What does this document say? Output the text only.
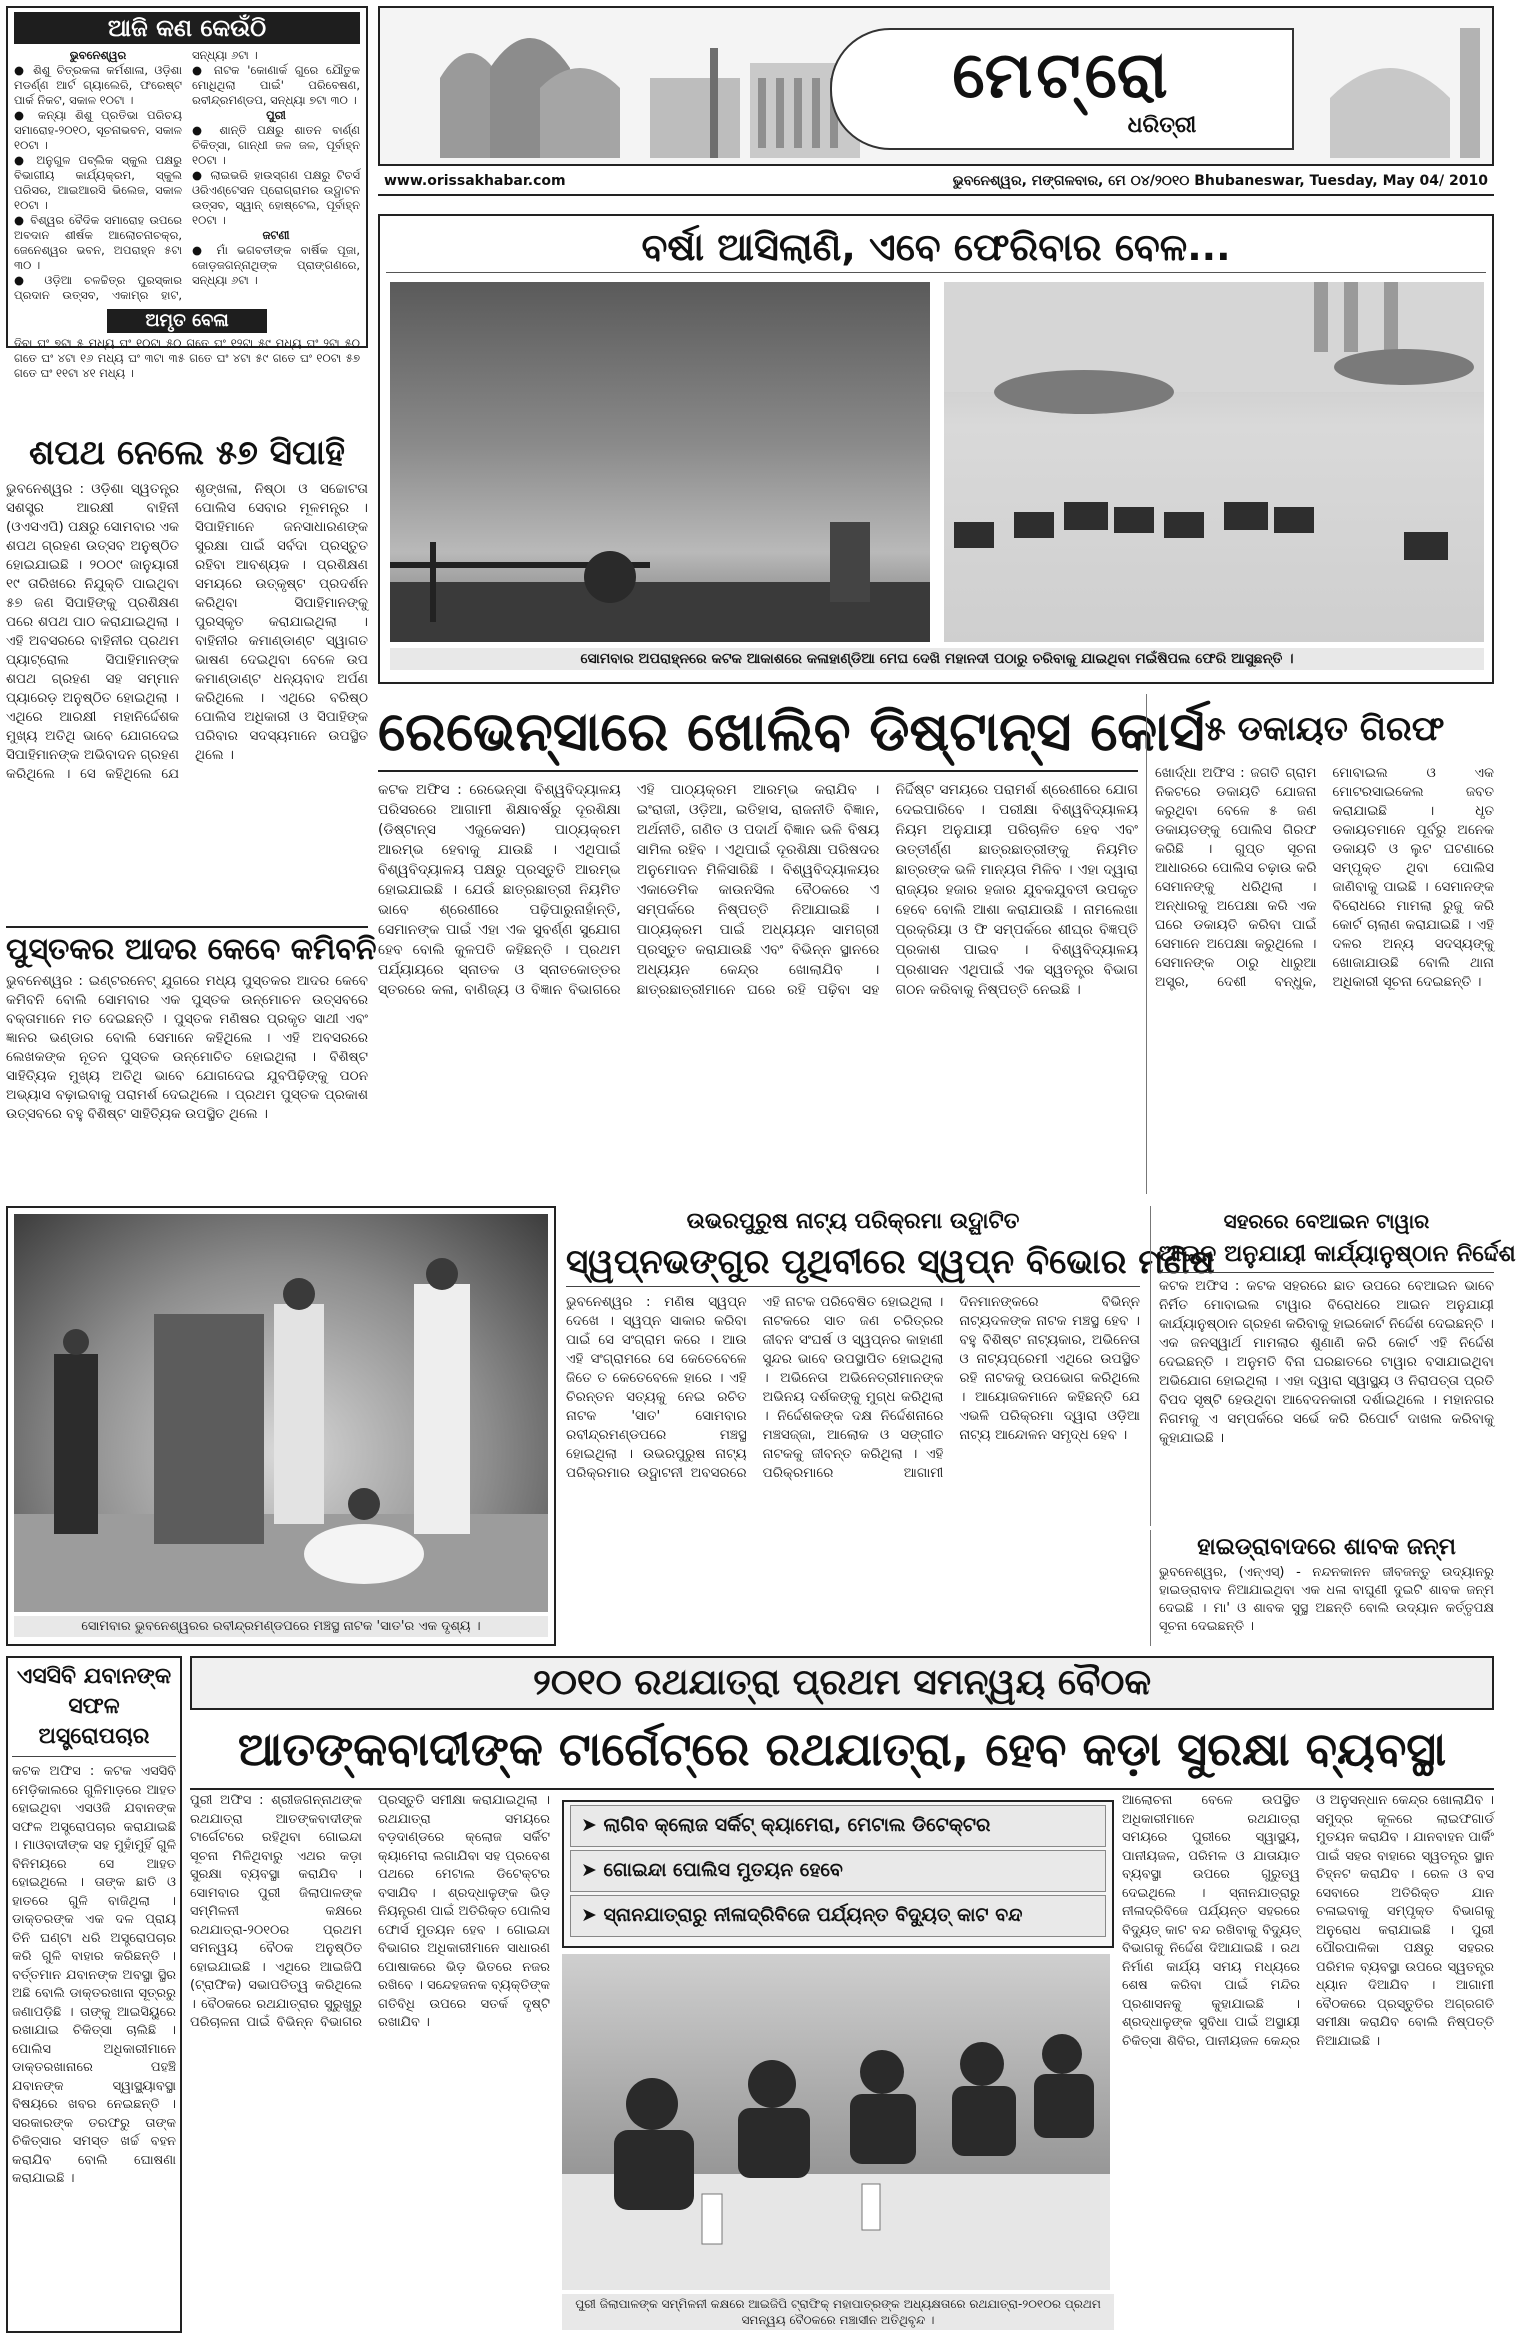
ଆଜି କଣ କେଉଁଠି
ଭୁବନେଶ୍ୱର
● ଶିଶୁ ଚିତ୍ରକଳା କର୍ମଶାଳା, ଓଡ଼ିଶା ମଡର୍ଣ୍ଣ ଆର୍ଟ ଗ୍ୟାଲେରି, ଫରେଷ୍ଟ ପାର୍କ ନିକଟ, ସକାଳ ୧୦ଟା ।
● କନ୍ୟା ଶିଶୁ ପ୍ରତିଭା ପରିଚୟ ସମାରୋହ-୨୦୧୦, ସୂଚନାଭବନ, ସକାଳ ୧୦ଟା ।
● ଅନୁଗୁଳ ପବ୍ଲିକ ସ୍କୁଲ ପକ୍ଷରୁ ବିଭାଗୀୟ କାର୍ଯ୍ୟକ୍ରମ, ସ୍କୁଲ ପରିସର, ଆଇଆରସି ଭିଲେଜ, ସକାଳ ୧୦ଟା ।
● ବିଶ୍ୱର ବୈଦିକ ସମାରୋହ ଉପରେ ଅବଦାନ ଶୀର୍ଷକ ଆଲୋଚନାଚକ୍ର, ଜେନେଶ୍ୱର ଭବନ, ଅପରାହ୍ନ ୫ଟା ୩୦ ।
● ଓଡ଼ିଆ ଚଳଚ୍ଚିତ୍ର ପୁରସ୍କାର ପ୍ରଦାନ ଉତ୍ସବ, ଏକାମ୍ର ହାଟ, ସନ୍ଧ୍ୟା ୬ଟା ।
● ନାଟକ 'କୋଣାର୍କ ଗୁରେ ଯୌତୁକ ମୋଧିଥିଲା ପାଇଁ' ପରିବେଷଣ, ରବୀନ୍ଦ୍ରମଣ୍ଡପ, ସନ୍ଧ୍ୟା ୭ଟା ୩୦ ।
ପୁରୀ
● ଶାନ୍ତି ପକ୍ଷରୁ ଶାତନ ବାର୍ଣ୍ଣ ଚିକିତ୍ସା, ଗାନ୍ଧୀ ଜଳ ଜଳ, ପୂର୍ବାହ୍ନ ୧୦ଟା ।
● ଲାଇଭରି ହାଉସ୍ଗଣ ପକ୍ଷରୁ ଟିଚର୍ସ ଓରିଏଣ୍ଟେସନ ପ୍ରୋଗ୍ରାମର ଉଦ୍ଘାଟନ ଉତ୍ସବ, ସ୍ୱାନ୍ ହୋଷ୍ଟେଲ, ପୂର୍ବାହ୍ନ ୧୦ଟା ।
ଜଟଣୀ
● ମାଁ ଭଗବତୀଙ୍କ ବାର୍ଷିକ ପୂଜା, ଜୋଡ଼ଜଗନ୍ନାଥିଙ୍କ ପ୍ରାଙ୍ଗଣରେ, ସନ୍ଧ୍ୟା ୬ଟା ।
ଅମୃତ ବେଳା
ଦିବା ଘଂ ୭ଟା ୫ ମଧ୍ୟ ଘଂ ୧୦ଟା ୫୦ ଗତେ ଘଂ ୧୨ଟା ୫୯ ମଧ୍ୟ ଘଂ ୨ଟା ୫୦ ଗତେ ଘଂ ୪ଟା ୧୬ ମଧ୍ୟ ଘଂ ୩ଟା ୩୫ ଗତେ ଘଂ ୪ଟା ୫୯ ଗତେ ଘଂ ୧୦ଟା ୫୭ ଗତେ ଘଂ ୧୧ଟା ୪୧ ମଧ୍ୟ ।
ମେଟ୍ରୋ
ଧରିତ୍ରୀ
www.orissakhabar.com	ଭୁବନେଶ୍ୱର, ମଙ୍ଗଳବାର, ମେ ୦୪/୨୦୧୦ Bhubaneswar, Tuesday, May 04/ 2010
ବର୍ଷା ଆସିଲାଣି, ଏବେ ଫେରିବାର ବେଳ...
ସୋମବାର ଅପରାହ୍ନରେ କଟକ ଆକାଶରେ କଳାହାଣ୍ଡିଆ ମେଘ ଦେଖି ମହାନଦୀ ପଠାରୁ ଚରିବାକୁ ଯାଇଥିବା ମଇଁଷିପଲ ଫେରି ଆସୁଛନ୍ତି ।
ଶପଥ ନେଲେ ୫୭ ସିପାହି
ଭୁବନେଶ୍ୱର : ଓଡ଼ିଶା ସ୍ୱତନ୍ତ୍ର ସଶସ୍ତ୍ର ଆରକ୍ଷୀ ବାହିନୀ (ଓଏସଏପି) ପକ୍ଷରୁ ସୋମବାର ଏକ ଶପଥ ଗ୍ରହଣ ଉତ୍ସବ ଅନୁଷ୍ଠିତ ହୋଇଯାଇଛି । ୨୦୦୯ ଜାନୁୟାରୀ ୧୯ ତାରିଖରେ ନିଯୁକ୍ତି ପାଇଥିବା ୫୭ ଜଣ ସିପାହିଙ୍କୁ ପ୍ରଶିକ୍ଷଣ ପରେ ଶପଥ ପାଠ କରାଯାଇଥିଲା । ଏହି ଅବସରରେ ବାହିନୀର ପ୍ରଥମ ପ୍ୟାଟ୍ରୋଲ ସିପାହିମାନଙ୍କ ଶପଥ ଗ୍ରହଣ ସହ ସମ୍ମାନ ପ୍ୟାରେଡ଼ ଅନୁଷ୍ଠିତ ହୋଇଥିଲା । ଏଥିରେ ଆରକ୍ଷୀ ମହାନିର୍ଦ୍ଦେଶକ ମୁଖ୍ୟ ଅତିଥି ଭାବେ ଯୋଗଦେଇ ସିପାହିମାନଙ୍କ ଅଭିବାଦନ ଗ୍ରହଣ କରିଥିଲେ । ସେ କହିଥିଲେ ଯେ ଶୃଙ୍ଖଳା, ନିଷ୍ଠା ଓ ସଚ୍ଚୋଟତା ପୋଲିସ ସେବାର ମୂଳମନ୍ତ୍ର । ସିପାହିମାନେ ଜନସାଧାରଣଙ୍କ ସୁରକ୍ଷା ପାଇଁ ସର୍ବଦା ପ୍ରସ୍ତୁତ ରହିବା ଆବଶ୍ୟକ । ପ୍ରଶିକ୍ଷଣ ସମୟରେ ଉତ୍କୃଷ୍ଟ ପ୍ରଦର୍ଶନ କରିଥିବା ସିପାହିମାନଙ୍କୁ ପୁରସ୍କୃତ କରାଯାଇଥିଲା । ବାହିନୀର କମାଣ୍ଡାଣ୍ଟ ସ୍ୱାଗତ ଭାଷଣ ଦେଇଥିବା ବେଳେ ଉପ କମାଣ୍ଡାଣ୍ଟ ଧନ୍ୟବାଦ ଅର୍ପଣ କରିଥିଲେ । ଏଥିରେ ବରିଷ୍ଠ ପୋଲିସ ଅଧିକାରୀ ଓ ସିପାହିଙ୍କ ପରିବାର ସଦସ୍ୟମାନେ ଉପସ୍ଥିତ ଥିଲେ ।
ପୁସ୍ତକର ଆଦର କେବେ କମିବନି
ଭୁବନେଶ୍ୱର : ଇଣ୍ଟରନେଟ୍ ଯୁଗରେ ମଧ୍ୟ ପୁସ୍ତକର ଆଦର କେବେ କମିବନି ବୋଲି ସୋମବାର ଏକ ପୁସ୍ତକ ଉନ୍ମୋଚନ ଉତ୍ସବରେ ବକ୍ତାମାନେ ମତ ଦେଇଛନ୍ତି । ପୁସ୍ତକ ମଣିଷର ପ୍ରକୃତ ସାଥୀ ଏବଂ ଜ୍ଞାନର ଭଣ୍ଡାର ବୋଲି ସେମାନେ କହିଥିଲେ । ଏହି ଅବସରରେ ଲେଖକଙ୍କ ନୂତନ ପୁସ୍ତକ ଉନ୍ମୋଚିତ ହୋଇଥିଲା । ବିଶିଷ୍ଟ ସାହିତ୍ୟିକ ମୁଖ୍ୟ ଅତିଥି ଭାବେ ଯୋଗଦେଇ ଯୁବପିଢ଼ିଙ୍କୁ ପଠନ ଅଭ୍ୟାସ ବଢ଼ାଇବାକୁ ପରାମର୍ଶ ଦେଇଥିଲେ । ପ୍ରଥମ ପୁସ୍ତକ ପ୍ରକାଶ ଉତ୍ସବରେ ବହୁ ବିଶିଷ୍ଟ ସାହିତ୍ୟିକ ଉପସ୍ଥିତ ଥିଲେ ।
ରେଭେନ୍ସାରେ ଖୋଲିବ ଡିଷ୍ଟାନ୍ସ କୋର୍ସ
କଟକ ଅଫିସ : ରେଭେନ୍ସା ବିଶ୍ୱବିଦ୍ୟାଳୟ ପରିସରରେ ଆଗାମୀ ଶିକ୍ଷାବର୍ଷରୁ ଦୂରଶିକ୍ଷା (ଡିଷ୍ଟାନ୍ସ ଏଜୁକେସନ) ପାଠ୍ୟକ୍ରମ ଆରମ୍ଭ ହେବାକୁ ଯାଉଛି । ଏଥିପାଇଁ ବିଶ୍ୱବିଦ୍ୟାଳୟ ପକ୍ଷରୁ ପ୍ରସ୍ତୁତି ଆରମ୍ଭ ହୋଇଯାଇଛି । ଯେଉଁ ଛାତ୍ରଛାତ୍ରୀ ନିୟମିତ ଭାବେ ଶ୍ରେଣୀରେ ପଢ଼ିପାରୁନାହାଁନ୍ତି, ସେମାନଙ୍କ ପାଇଁ ଏହା ଏକ ସୁବର୍ଣ୍ଣ ସୁଯୋଗ ହେବ ବୋଲି କୁଳପତି କହିଛନ୍ତି । ପ୍ରଥମ ପର୍ଯ୍ୟାୟରେ ସ୍ନାତକ ଓ ସ୍ନାତକୋତ୍ତର ସ୍ତରରେ କଳା, ବାଣିଜ୍ୟ ଓ ବିଜ୍ଞାନ ବିଭାଗରେ ଏହି ପାଠ୍ୟକ୍ରମ ଆରମ୍ଭ କରାଯିବ । ଇଂରାଜୀ, ଓଡ଼ିଆ, ଇତିହାସ, ରାଜନୀତି ବିଜ୍ଞାନ, ଅର୍ଥନୀତି, ଗଣିତ ଓ ପଦାର୍ଥ ବିଜ୍ଞାନ ଭଳି ବିଷୟ ସାମିଲ ରହିବ । ଏଥିପାଇଁ ଦୂରଶିକ୍ଷା ପରିଷଦର ଅନୁମୋଦନ ମିଳିସାରିଛି । ବିଶ୍ୱବିଦ୍ୟାଳୟର ଏକାଡେମିକ କାଉନସିଲ ବୈଠକରେ ଏ ସମ୍ପର୍କରେ ନିଷ୍ପତ୍ତି ନିଆଯାଇଛି । ପାଠ୍ୟକ୍ରମ ପାଇଁ ଅଧ୍ୟୟନ ସାମଗ୍ରୀ ପ୍ରସ୍ତୁତ କରାଯାଉଛି ଏବଂ ବିଭିନ୍ନ ସ୍ଥାନରେ ଅଧ୍ୟୟନ କେନ୍ଦ୍ର ଖୋଲାଯିବ । ଛାତ୍ରଛାତ୍ରୀମାନେ ଘରେ ରହି ପଢ଼ିବା ସହ ନିର୍ଦ୍ଦିଷ୍ଟ ସମୟରେ ପରାମର୍ଶ ଶ୍ରେଣୀରେ ଯୋଗ ଦେଇପାରିବେ । ପରୀକ୍ଷା ବିଶ୍ୱବିଦ୍ୟାଳୟ ନିୟମ ଅନୁଯାୟୀ ପରିଚାଳିତ ହେବ ଏବଂ ଉତ୍ତୀର୍ଣ୍ଣ ଛାତ୍ରଛାତ୍ରୀଙ୍କୁ ନିୟମିତ ଛାତ୍ରଙ୍କ ଭଳି ମାନ୍ୟତା ମିଳିବ । ଏହା ଦ୍ୱାରା ରାଜ୍ୟର ହଜାର ହଜାର ଯୁବକଯୁବତୀ ଉପକୃତ ହେବେ ବୋଲି ଆଶା କରାଯାଉଛି । ନାମଲେଖା ପ୍ରକ୍ରିୟା ଓ ଫି ସମ୍ପର୍କରେ ଶୀଘ୍ର ବିଜ୍ଞପ୍ତି ପ୍ରକାଶ ପାଇବ । ବିଶ୍ୱବିଦ୍ୟାଳୟ ପ୍ରଶାସନ ଏଥିପାଇଁ ଏକ ସ୍ୱତନ୍ତ୍ର ବିଭାଗ ଗଠନ କରିବାକୁ ନିଷ୍ପତ୍ତି ନେଇଛି ।
୫ ଡକାୟତ ଗିରଫ
ଖୋର୍ଦ୍ଧା ଅଫିସ : ଜଗତି ଗ୍ରାମ ନିକଟରେ ଡକାୟତି ଯୋଜନା କରୁଥିବା ବେଳେ ୫ ଜଣ ଡକାୟତଙ୍କୁ ପୋଲିସ ଗିରଫ କରିଛି । ଗୁପ୍ତ ସୂଚନା ଆଧାରରେ ପୋଲିସ ଚଢ଼ାଉ କରି ସେମାନଙ୍କୁ ଧରିଥିଲା । ଅନ୍ଧାରକୁ ଅପେକ୍ଷା କରି ଏକ ଘରେ ଡକାୟତି କରିବା ପାଇଁ ସେମାନେ ଅପେକ୍ଷା କରୁଥିଲେ । ସେମାନଙ୍କ ଠାରୁ ଧାରୁଆ ଅସ୍ତ୍ର, ଦେଶୀ ବନ୍ଧୁକ, ମୋବାଇଲ ଓ ଏକ ମୋଟରସାଇକେଲ ଜବତ କରାଯାଇଛି । ଧୃତ ଡକାୟତମାନେ ପୂର୍ବରୁ ଅନେକ ଡକାୟତି ଓ ଲୁଟ ଘଟଣାରେ ସମ୍ପୃକ୍ତ ଥିବା ପୋଲିସ ଜାଣିବାକୁ ପାଇଛି । ସେମାନଙ୍କ ବିରୋଧରେ ମାମଲା ରୁଜୁ କରି କୋର୍ଟ ଚାଲାଣ କରାଯାଇଛି । ଏହି ଦଳର ଅନ୍ୟ ସଦସ୍ୟଙ୍କୁ ଖୋଜାଯାଉଛି ବୋଲି ଥାନା ଅଧିକାରୀ ସୂଚନା ଦେଇଛନ୍ତି ।
ସୋମବାର ଭୁବନେଶ୍ୱରର ରବୀନ୍ଦ୍ରମଣ୍ଡପରେ ମଞ୍ଚସ୍ଥ ନାଟକ 'ସାତ'ର ଏକ ଦୃଶ୍ୟ ।
ଉଭରପୁରୁଷ ନାଟ୍ୟ ପରିକ୍ରମା ଉଦ୍ଘାଟିତ
ସ୍ୱପ୍ନଭଙ୍ଗୁର ପୃଥିବୀରେ ସ୍ୱପ୍ନ ବିଭୋର ମଣିଷ
ଭୁବନେଶ୍ୱର : ମଣିଷ ସ୍ୱପ୍ନ ଦେଖେ । ସ୍ୱପ୍ନ ସାକାର କରିବା ପାଇଁ ସେ ସଂଗ୍ରାମ କରେ । ଆଉ ଏହି ସଂଗ୍ରାମରେ ସେ କେତେବେଳେ ଜିତେ ତ କେତେବେଳେ ହାରେ । ଏହି ଚିରନ୍ତନ ସତ୍ୟକୁ ନେଇ ରଚିତ ନାଟକ 'ସାତ' ସୋମବାର ରବୀନ୍ଦ୍ରମଣ୍ଡପରେ ମଞ୍ଚସ୍ଥ ହୋଇଥିଲା । ଉଭରପୁରୁଷ ନାଟ୍ୟ ପରିକ୍ରମାର ଉଦ୍ଘାଟନୀ ଅବସରରେ ଏହି ନାଟକ ପରିବେଷିତ ହୋଇଥିଲା । ନାଟକରେ ସାତ ଜଣ ଚରିତ୍ରର ଜୀବନ ସଂଘର୍ଷ ଓ ସ୍ୱପ୍ନର କାହାଣୀ ସୁନ୍ଦର ଭାବେ ଉପସ୍ଥାପିତ ହୋଇଥିଲା । ଅଭିନେତା ଅଭିନେତ୍ରୀମାନଙ୍କ ଅଭିନୟ ଦର୍ଶକଙ୍କୁ ମୁଗ୍ଧ କରିଥିଲା । ନିର୍ଦ୍ଦେଶକଙ୍କ ଦକ୍ଷ ନିର୍ଦ୍ଦେଶନାରେ ମଞ୍ଚସଜ୍ଜା, ଆଲୋକ ଓ ସଙ୍ଗୀତ ନାଟକକୁ ଜୀବନ୍ତ କରିଥିଲା । ଏହି ପରିକ୍ରମାରେ ଆଗାମୀ ଦିନମାନଙ୍କରେ ବିଭିନ୍ନ ନାଟ୍ୟଦଳଙ୍କ ନାଟକ ମଞ୍ଚସ୍ଥ ହେବ । ବହୁ ବିଶିଷ୍ଟ ନାଟ୍ୟକାର, ଅଭିନେତା ଓ ନାଟ୍ୟପ୍ରେମୀ ଏଥିରେ ଉପସ୍ଥିତ ରହି ନାଟକକୁ ଉପଭୋଗ କରିଥିଲେ । ଆୟୋଜକମାନେ କହିଛନ୍ତି ଯେ ଏଭଳି ପରିକ୍ରମା ଦ୍ୱାରା ଓଡ଼ିଆ ନାଟ୍ୟ ଆନ୍ଦୋଳନ ସମୃଦ୍ଧ ହେବ ।
ସହରରେ ବେଆଇନ ଟାୱାର
ଆଇନ ଅନୁଯାୟୀ କାର୍ଯ୍ୟାନୁଷ୍ଠାନ ନିର୍ଦ୍ଦେଶ
କଟକ ଅଫିସ : କଟକ ସହରରେ ଛାତ ଉପରେ ବେଆଇନ ଭାବେ ନିର୍ମିତ ମୋବାଇଲ ଟାୱାର ବିରୋଧରେ ଆଇନ ଅନୁଯାୟୀ କାର୍ଯ୍ୟାନୁଷ୍ଠାନ ଗ୍ରହଣ କରିବାକୁ ହାଇକୋର୍ଟ ନିର୍ଦ୍ଦେଶ ଦେଇଛନ୍ତି । ଏକ ଜନସ୍ୱାର୍ଥ ମାମଲାର ଶୁଣାଣି କରି କୋର୍ଟ ଏହି ନିର୍ଦ୍ଦେଶ ଦେଇଛନ୍ତି । ଅନୁମତି ବିନା ଘରଛାତରେ ଟାୱାର ବସାଯାଇଥିବା ଅଭିଯୋଗ ହୋଇଥିଲା । ଏହା ଦ୍ୱାରା ସ୍ୱାସ୍ଥ୍ୟ ଓ ନିରାପତ୍ତା ପ୍ରତି ବିପଦ ସୃଷ୍ଟି ହେଉଥିବା ଆବେଦନକାରୀ ଦର୍ଶାଇଥିଲେ । ମହାନଗର ନିଗମକୁ ଏ ସମ୍ପର୍କରେ ସର୍ଭେ କରି ରିପୋର୍ଟ ଦାଖଲ କରିବାକୁ କୁହାଯାଇଛି ।
ହାଇଡ୍ରାବାଦରେ ଶାବକ ଜନ୍ମ
ଭୁବନେଶ୍ୱର, (ଏନ୍ଏସ୍) - ନନ୍ଦନକାନନ ଜୀବଜନ୍ତୁ ଉଦ୍ୟାନରୁ ହାଇଡ୍ରାବାଦ ନିଆଯାଇଥିବା ଏକ ଧଳା ବାଘୁଣୀ ଦୁଇଟି ଶାବକ ଜନ୍ମ ଦେଇଛି । ମା' ଓ ଶାବକ ସୁସ୍ଥ ଅଛନ୍ତି ବୋଲି ଉଦ୍ୟାନ କର୍ତ୍ତୃପକ୍ଷ ସୂଚନା ଦେଇଛନ୍ତି ।
ଏସସିବି ଯବାନଙ୍କ ସଫଳ ଅସ୍ତ୍ରୋପଚାର
କଟକ ଅଫିସ : କଟକ ଏସସିବି ମେଡ଼ିକାଲରେ ଗୁଳିମାଡ଼ରେ ଆହତ ହୋଇଥିବା ଏସଓଜି ଯବାନଙ୍କ ସଫଳ ଅସ୍ତ୍ରୋପଚାର କରାଯାଇଛି । ମାଓବାଦୀଙ୍କ ସହ ମୁହାଁମୁହିଁ ଗୁଳି ବିନିମୟରେ ସେ ଆହତ ହୋଇଥିଲେ । ତାଙ୍କ ଛାତି ଓ ହାତରେ ଗୁଳି ବାଜିଥିଲା । ଡାକ୍ତରଙ୍କ ଏକ ଦଳ ପ୍ରାୟ ତିନି ଘଣ୍ଟା ଧରି ଅସ୍ତ୍ରୋପଚାର କରି ଗୁଳି ବାହାର କରିଛନ୍ତି । ବର୍ତ୍ତମାନ ଯବାନଙ୍କ ଅବସ୍ଥା ସ୍ଥିର ଅଛି ବୋଲି ଡାକ୍ତରଖାନା ସୂତ୍ରରୁ ଜଣାପଡ଼ିଛି । ତାଙ୍କୁ ଆଇସିୟୁରେ ରଖାଯାଇ ଚିକିତ୍ସା ଚାଲିଛି । ପୋଲିସ ଅଧିକାରୀମାନେ ଡାକ୍ତରଖାନାରେ ପହଞ୍ଚି ଯବାନଙ୍କ ସ୍ୱାସ୍ଥ୍ୟାବସ୍ଥା ବିଷୟରେ ଖବର ନେଇଛନ୍ତି । ସରକାରଙ୍କ ତରଫରୁ ତାଙ୍କ ଚିକିତ୍ସାର ସମସ୍ତ ଖର୍ଚ୍ଚ ବହନ କରାଯିବ ବୋଲି ଘୋଷଣା କରାଯାଇଛି ।
୨୦୧୦ ରଥଯାତ୍ରା ପ୍ରଥମ ସମନ୍ୱୟ ବୈଠକ
ଆତଙ୍କବାଦୀଙ୍କ ଟାର୍ଗେଟ୍‌ରେ ରଥଯାତ୍ରା, ହେବ କଡ଼ା ସୁରକ୍ଷା ବ୍ୟବସ୍ଥା
ପୁରୀ ଅଫିସ : ଶ୍ରୀଜଗନ୍ନାଥଙ୍କ ରଥଯାତ୍ରା ଆତଙ୍କବାଦୀଙ୍କ ଟାର୍ଗେଟରେ ରହିଥିବା ଗୋଇନ୍ଦା ସୂଚନା ମିଳିଥିବାରୁ ଏଥର କଡ଼ା ସୁରକ୍ଷା ବ୍ୟବସ୍ଥା କରାଯିବ । ସୋମବାର ପୁରୀ ଜିଲାପାଳଙ୍କ ସମ୍ମିଳନୀ କକ୍ଷରେ ରଥଯାତ୍ରା-୨୦୧୦ର ପ୍ରଥମ ସମନ୍ୱୟ ବୈଠକ ଅନୁଷ୍ଠିତ ହୋଇଯାଇଛି । ଏଥିରେ ଆଇଜିପି (ଟ୍ରାଫିକ) ସଭାପତିତ୍ୱ କରିଥିଲେ । ବୈଠକରେ ରଥଯାତ୍ରାର ସୁରୁଖୁରୁ ପରିଚାଳନା ପାଇଁ ବିଭିନ୍ନ ବିଭାଗର ପ୍ରସ୍ତୁତି ସମୀକ୍ଷା କରାଯାଇଥିଲା । ରଥଯାତ୍ରା ସମୟରେ ବଡ଼ଦାଣ୍ଡରେ କ୍ଲୋଜ ସର୍କିଟ କ୍ୟାମେରା ଲଗାଯିବା ସହ ପ୍ରବେଶ ପଥରେ ମେଟାଲ ଡିଟେକ୍ଟର ବସାଯିବ । ଶ୍ରଦ୍ଧାଳୁଙ୍କ ଭିଡ଼ ନିୟନ୍ତ୍ରଣ ପାଇଁ ଅତିରିକ୍ତ ପୋଲିସ ଫୋର୍ସ ମୁତୟନ ହେବ । ଗୋଇନ୍ଦା ବିଭାଗର ଅଧିକାରୀମାନେ ସାଧାରଣ ପୋଷାକରେ ଭିଡ଼ ଭିତରେ ନଜର ରଖିବେ । ସନ୍ଦେହଜନକ ବ୍ୟକ୍ତିଙ୍କ ଗତିବିଧି ଉପରେ ସତର୍କ ଦୃଷ୍ଟି ରଖାଯିବ ।
➤ ଲାଗିବ କ୍ଲୋଜ ସର୍କିଟ୍ କ୍ୟାମେରା, ମେଟାଲ ଡିଟେକ୍ଟର
➤ ଗୋଇନ୍ଦା ପୋଲିସ ମୁତୟନ ହେବେ
➤ ସ୍ନାନଯାତ୍ରାରୁ ନୀଳାଦ୍ରିବିଜେ ପର୍ଯ୍ୟନ୍ତ ବିଦ୍ୟୁତ୍ କାଟ ବନ୍ଦ
ପୁରୀ ଜିଲାପାଳଙ୍କ ସମ୍ମିଳନୀ କକ୍ଷରେ ଆଇଜିପି ଟ୍ରାଫିକ୍ ମହାପାତ୍ରଙ୍କ ଅଧ୍ୟକ୍ଷତାରେ ରଥଯାତ୍ରା-୨୦୧୦ର ପ୍ରଥମ ସମନ୍ୱୟ ବୈଠକରେ ମଞ୍ଚାସୀନ ଅତିଥିବୃନ୍ଦ ।
ଆଲୋଚନା ବେଳେ ଉପସ୍ଥିତ ଅଧିକାରୀମାନେ ରଥଯାତ୍ରା ସମୟରେ ପୁରୀରେ ସ୍ୱାସ୍ଥ୍ୟ, ପାନୀୟଜଳ, ପରିମଳ ଓ ଯାତାୟାତ ବ୍ୟବସ୍ଥା ଉପରେ ଗୁରୁତ୍ୱ ଦେଇଥିଲେ । ସ୍ନାନଯାତ୍ରାରୁ ନୀଳାଦ୍ରିବିଜେ ପର୍ଯ୍ୟନ୍ତ ସହରରେ ବିଦ୍ୟୁତ୍ କାଟ ବନ୍ଦ ରଖିବାକୁ ବିଦ୍ୟୁତ୍ ବିଭାଗକୁ ନିର୍ଦ୍ଦେଶ ଦିଆଯାଇଛି । ରଥ ନିର୍ମାଣ କାର୍ଯ୍ୟ ସମୟ ମଧ୍ୟରେ ଶେଷ କରିବା ପାଇଁ ମନ୍ଦିର ପ୍ରଶାସନକୁ କୁହାଯାଇଛି । ଶ୍ରଦ୍ଧାଳୁଙ୍କ ସୁବିଧା ପାଇଁ ଅସ୍ଥାୟୀ ଚିକିତ୍ସା ଶିବିର, ପାନୀୟଜଳ କେନ୍ଦ୍ର ଓ ଅନୁସନ୍ଧାନ କେନ୍ଦ୍ର ଖୋଲାଯିବ । ସମୁଦ୍ର କୂଳରେ ଲାଇଫଗାର୍ଡ ମୁତୟନ କରାଯିବ । ଯାନବାହନ ପାର୍କିଂ ପାଇଁ ସହର ବାହାରେ ସ୍ୱତନ୍ତ୍ର ସ୍ଥାନ ଚିହ୍ନଟ କରାଯିବ । ରେଳ ଓ ବସ ସେବାରେ ଅତିରିକ୍ତ ଯାନ ଚଳାଇବାକୁ ସମ୍ପୃକ୍ତ ବିଭାଗକୁ ଅନୁରୋଧ କରାଯାଇଛି । ପୁରୀ ପୌରପାଳିକା ପକ୍ଷରୁ ସହରର ପରିମଳ ବ୍ୟବସ୍ଥା ଉପରେ ସ୍ୱତନ୍ତ୍ର ଧ୍ୟାନ ଦିଆଯିବ । ଆଗାମୀ ବୈଠକରେ ପ୍ରସ୍ତୁତିର ଅଗ୍ରଗତି ସମୀକ୍ଷା କରାଯିବ ବୋଲି ନିଷ୍ପତ୍ତି ନିଆଯାଇଛି ।
